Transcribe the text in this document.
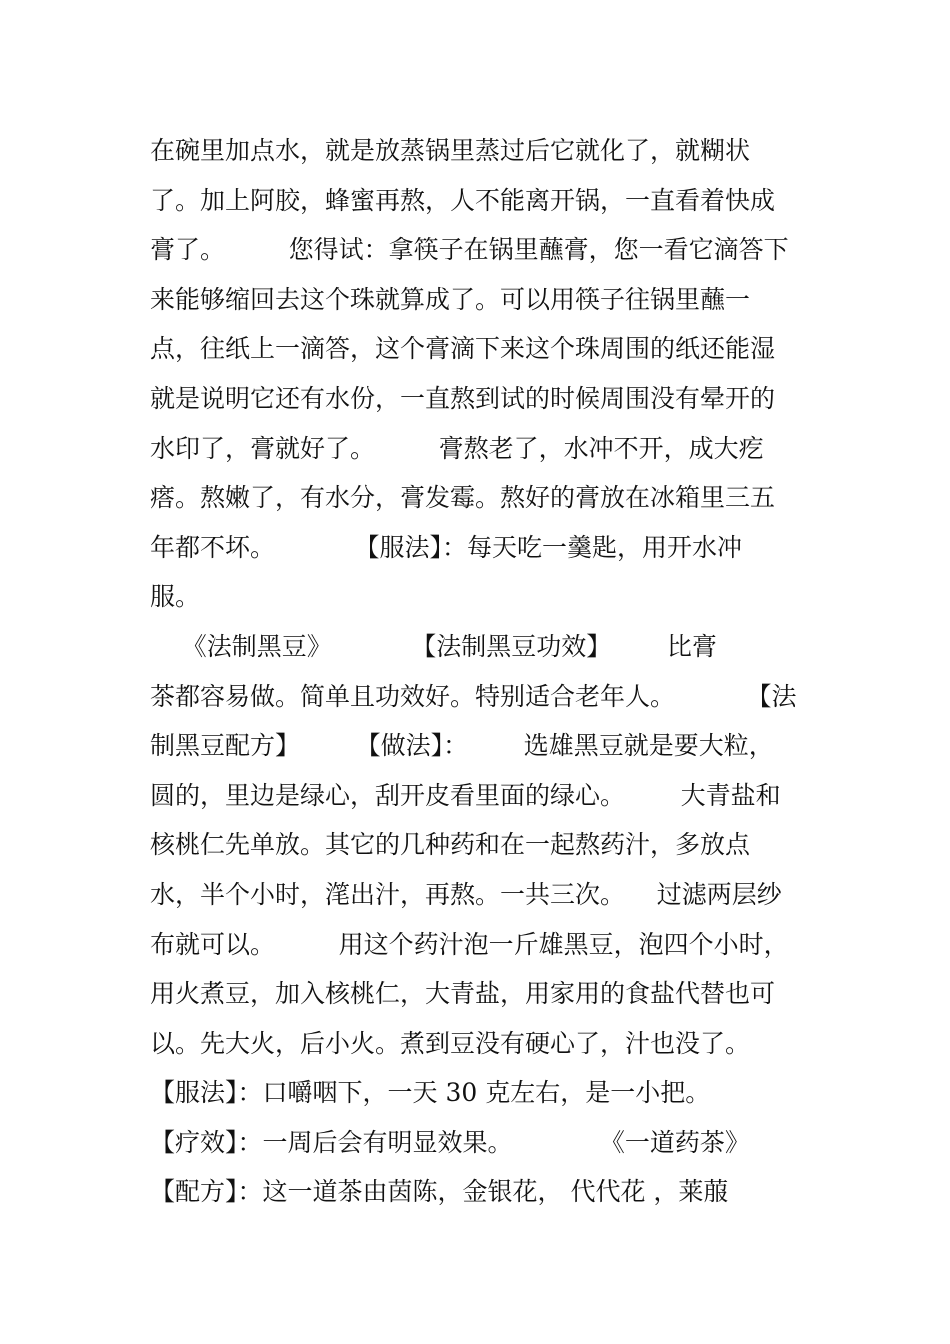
在碗里加点水，就是放蒸锅里蒸过后它就化了，就糊状
了。加上阿胶，蜂蜜再熬，人不能离开锅，一直看着快成
膏了。        您得试：拿筷子在锅里蘸膏，您一看它滴答下
来能够缩回去这个珠就算成了。可以用筷子往锅里蘸一
点，往纸上一滴答，这个膏滴下来这个珠周围的纸还能湿
就是说明它还有水份，一直熬到试的时候周围没有晕开的
水印了，膏就好了。        膏熬老了，水冲不开，成大疙
瘩。熬嫩了，有水分，膏发霉。熬好的膏放在冰箱里三五
年都不坏。          【服法】：每天吃一羹匙，用开水冲
服。
《法制黑豆》          【法制黑豆功效】       比膏
茶都容易做。简单且功效好。特别适合老年人。         【法
制黑豆配方】       【做法】：       选雄黑豆就是要大粒，
圆的，里边是绿心，刮开皮看里面的绿心。       大青盐和
核桃仁先单放。其它的几种药和在一起熬药汁，多放点
水，半个小时，滗出汁，再熬。一共三次。    过滤两层纱
布就可以。        用这个药汁泡一斤雄黑豆，泡四个小时，
用火煮豆，加入核桃仁，大青盐，用家用的食盐代替也可
以。先大火，后小火。煮到豆没有硬心了，汁也没了。
【服法】：口嚼咽下，一天 30 克左右，是一小把。
【疗效】：一周后会有明显效果。           《一道药茶》
【配方】：这一道茶由茵陈，金银花， 代代花 ，莱菔
